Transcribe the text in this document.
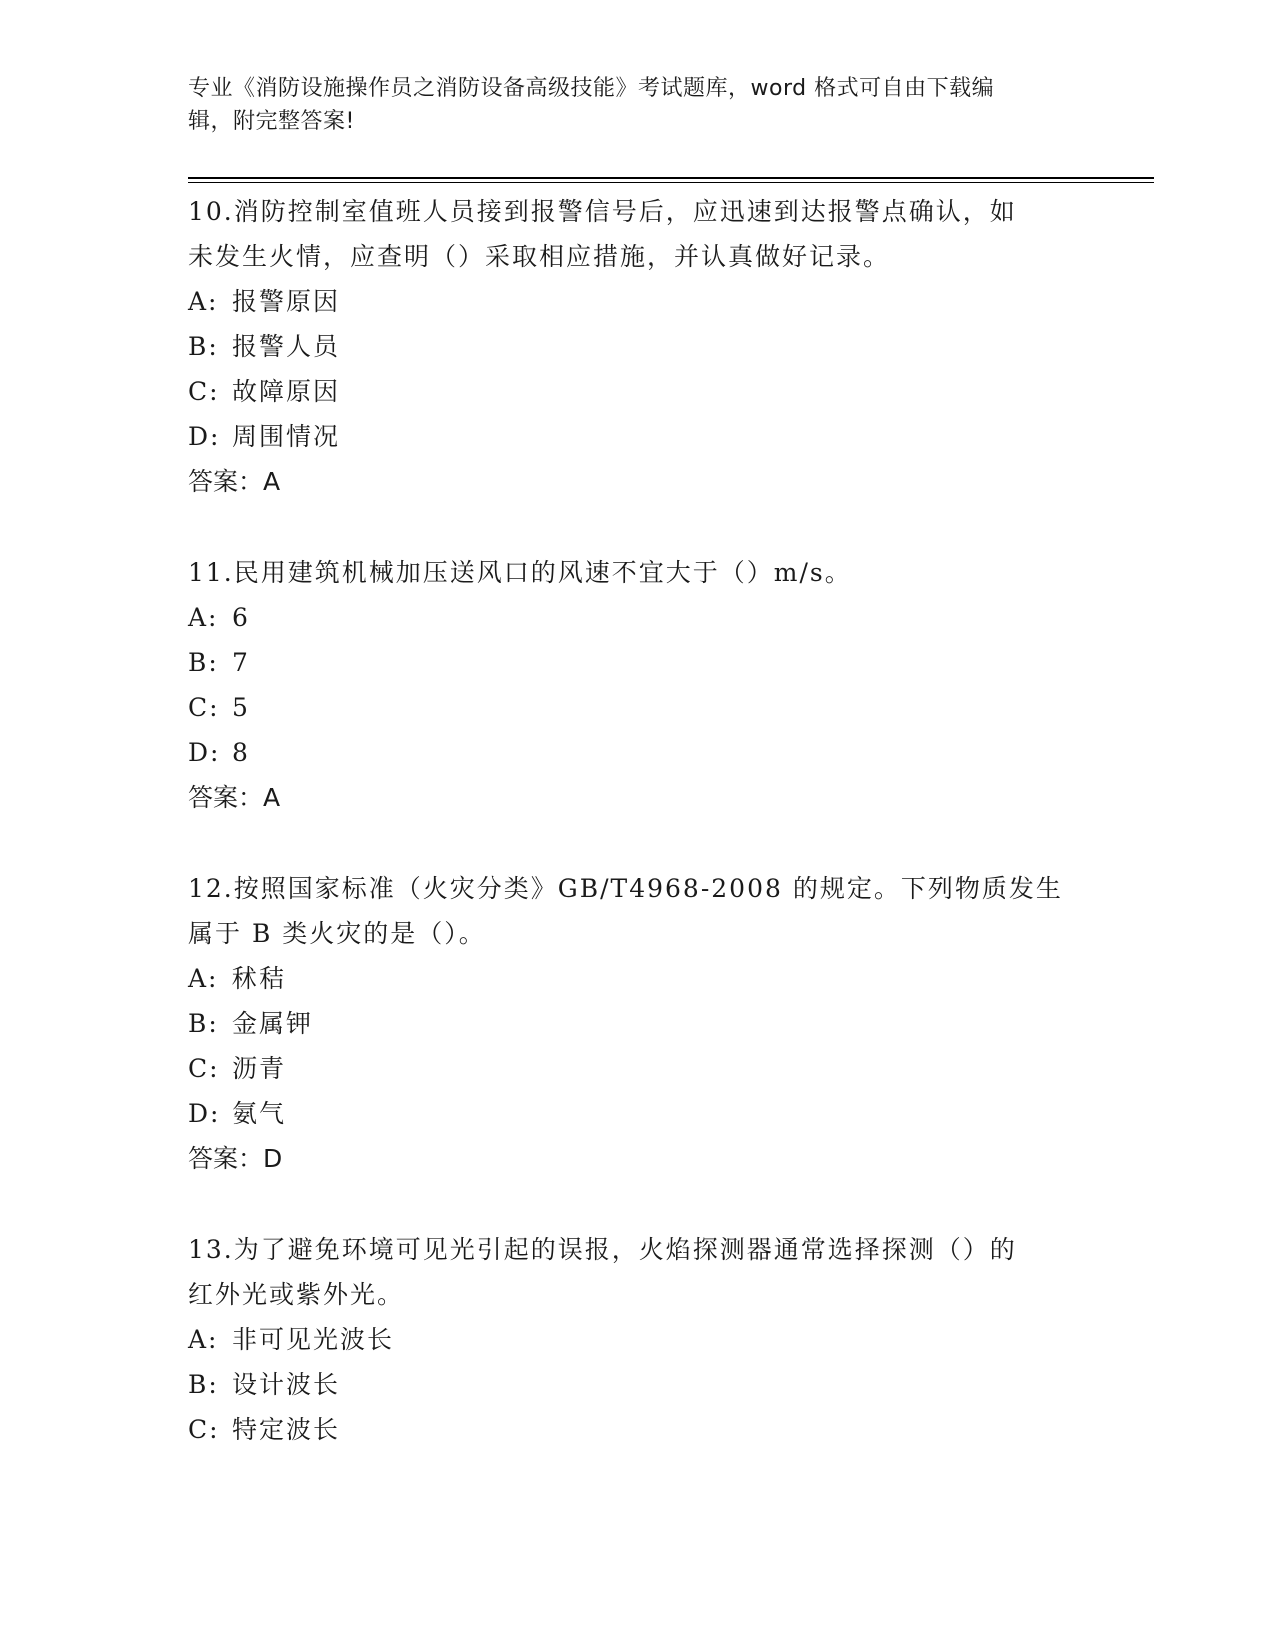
专业《消防设施操作员之消防设备高级技能》考试题库，word 格式可自由下载编
辑，附完整答案!

10.消防控制室值班人员接到报警信号后，应迅速到达报警点确认，如

未发生火情，应查明（）采取相应措施，并认真做好记录。

A: 报警原因
B: 报警人员
C: 故障原因
D: 周围情况

答案：A

11.民用建筑机械加压送风口的风速不宜大于（）m/s。

A: 6
B: 7
C: 5
D: 8

答案：A

12.按照国家标准（火灾分类》GB/T4968-2008 的规定。下列物质发生

属于 B 类火灾的是（）。

A: 秫秸
B: 金属钾
C: 沥青
D: 氨气

答案：D

13.为了避免环境可见光引起的误报，火焰探测器通常选择探测（）的

红外光或紫外光。

A: 非可见光波长
B: 设计波长
C: 特定波长
